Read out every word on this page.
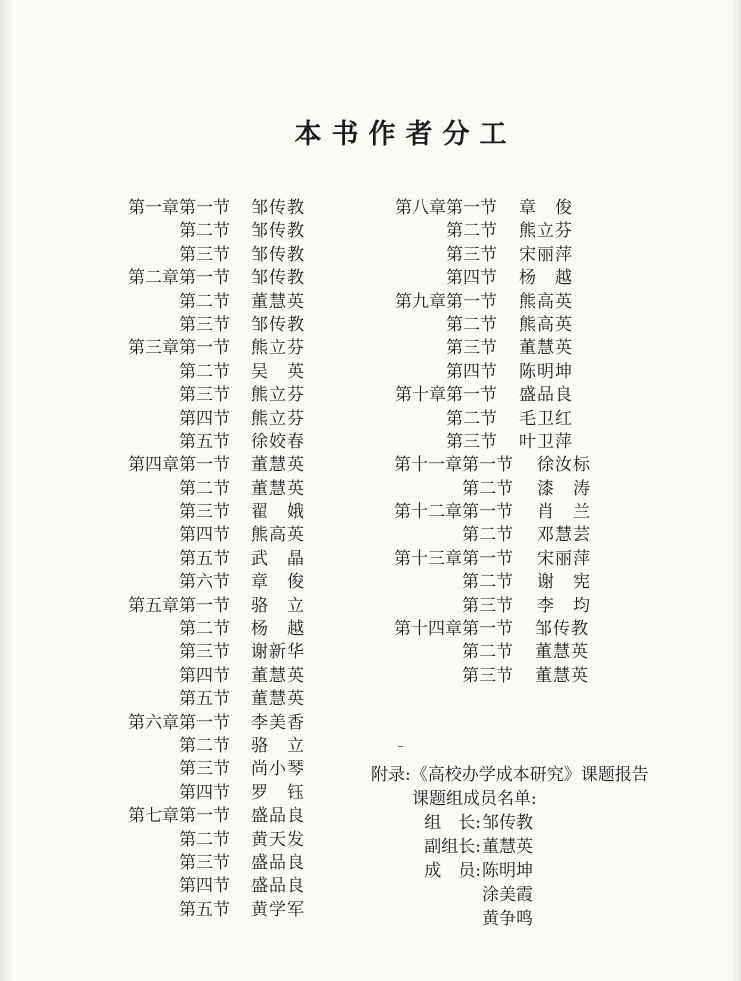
本书作者分工
第一章第一节 邹传教
第二节 邹传教
第三节 邹传教
第二章第一节 邹传教
第二节 董慧英
第三节 邹传教
第三章第一节 熊立芬
第二节 吴　英
第三节 熊立芬
第四节 熊立芬
第五节 徐姣春
第四章第一节 董慧英
第二节 董慧英
第三节 翟　娥
第四节 熊高英
第五节 武　晶
第六节 章　俊
第五章第一节 骆　立
第二节 杨　越
第三节 谢新华
第四节 董慧英
第五节 董慧英
第六章第一节 李美香
第二节 骆　立
第三节 尚小琴
第四节 罗　钰
第七章第一节 盛品良
第二节 黄天发
第三节 盛品良
第四节 盛品良
第五节 黄学军
第八章第一节 章　俊
第二节 熊立芬
第三节 宋丽萍
第四节 杨　越
第九章第一节 熊高英
第二节 熊高英
第三节 董慧英
第四节 陈明坤
第十章第一节 盛品良
第二节 毛卫红
第三节 叶卫萍
第十一章第一节 徐汝标
第二节 漆　涛
第十二章第一节 肖　兰
第二节 邓慧芸
第十三章第一节 宋丽萍
第二节 谢　宪
第三节 李　均
第十四章第一节 邹传教
第二节 董慧英
第三节 董慧英
附录:《高校办学成本研究》课题报告
课题组成员名单:
组　长: 邹传教
副组长: 董慧英
成　员: 陈明坤
涂美霞
黄争鸣
